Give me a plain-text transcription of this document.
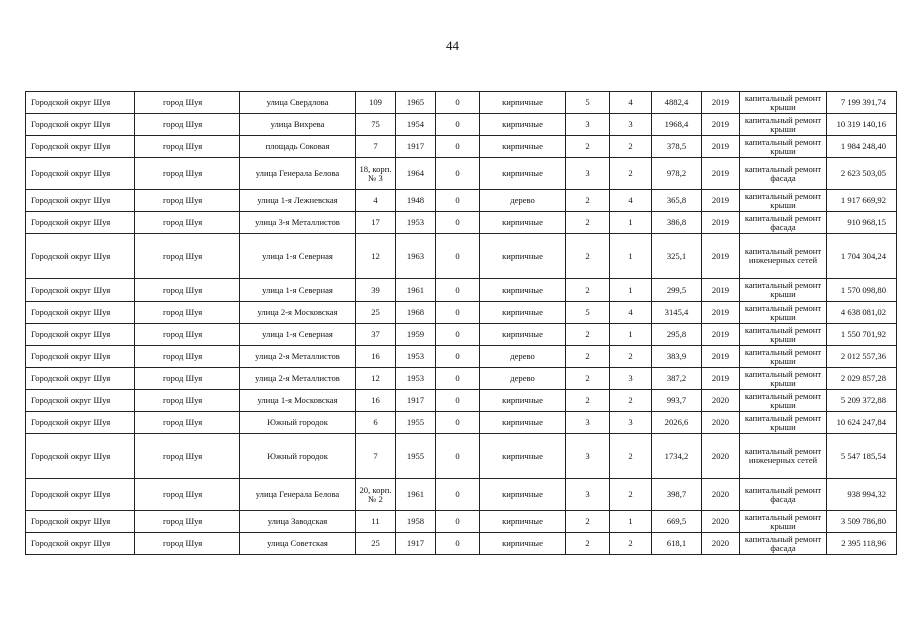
44
Городской округ Шуя	город Шуя	улица Свердлова	109	1965	0	кирпичные	5	4	4882,4	2019	капитальный ремонт крыши	7 199 391,74
Городской округ Шуя	город Шуя	улица Вихрева	75	1954	0	кирпичные	3	3	1968,4	2019	капитальный ремонт крыши	10 319 140,16
Городской округ Шуя	город Шуя	площадь Соковая	7	1917	0	кирпичные	2	2	378,5	2019	капитальный ремонт крыши	1 984 248,40
Городской округ Шуя	город Шуя	улица Генерала Белова	18, корп. № 3	1964	0	кирпичные	3	2	978,2	2019	капитальный ремонт фасада	2 623 503,05
Городской округ Шуя	город Шуя	улица 1-я Лежневская	4	1948	0	дерево	2	4	365,8	2019	капитальный ремонт крыши	1 917 669,92
Городской округ Шуя	город Шуя	улица 3-я Металлистов	17	1953	0	кирпичные	2	1	386,8	2019	капитальный ремонт фасада	910 968,15
Городской округ Шуя	город Шуя	улица 1-я Северная	12	1963	0	кирпичные	2	1	325,1	2019	капитальный ремонт инженерных сетей	1 704 304,24
Городской округ Шуя	город Шуя	улица 1-я Северная	39	1961	0	кирпичные	2	1	299,5	2019	капитальный ремонт крыши	1 570 098,80
Городской округ Шуя	город Шуя	улица 2-я Московская	25	1968	0	кирпичные	5	4	3145,4	2019	капитальный ремонт крыши	4 638 081,02
Городской округ Шуя	город Шуя	улица 1-я Северная	37	1959	0	кирпичные	2	1	295,8	2019	капитальный ремонт крыши	1 550 701,92
Городской округ Шуя	город Шуя	улица 2-я Металлистов	16	1953	0	дерево	2	2	383,9	2019	капитальный ремонт крыши	2 012 557,36
Городской округ Шуя	город Шуя	улица 2-я Металлистов	12	1953	0	дерево	2	3	387,2	2019	капитальный ремонт крыши	2 029 857,28
Городской округ Шуя	город Шуя	улица 1-я Московская	16	1917	0	кирпичные	2	2	993,7	2020	капитальный ремонт крыши	5 209 372,88
Городской округ Шуя	город Шуя	Южный городок	6	1955	0	кирпичные	3	3	2026,6	2020	капитальный ремонт крыши	10 624 247,84
Городской округ Шуя	город Шуя	Южный городок	7	1955	0	кирпичные	3	2	1734,2	2020	капитальный ремонт инженерных сетей	5 547 185,54
Городской округ Шуя	город Шуя	улица Генерала Белова	20, корп. № 2	1961	0	кирпичные	3	2	398,7	2020	капитальный ремонт фасада	938 994,32
Городской округ Шуя	город Шуя	улица Заводская	11	1958	0	кирпичные	2	1	669,5	2020	капитальный ремонт крыши	3 509 786,80
Городской округ Шуя	город Шуя	улица Советская	25	1917	0	кирпичные	2	2	618,1	2020	капитальный ремонт фасада	2 395 118,96
